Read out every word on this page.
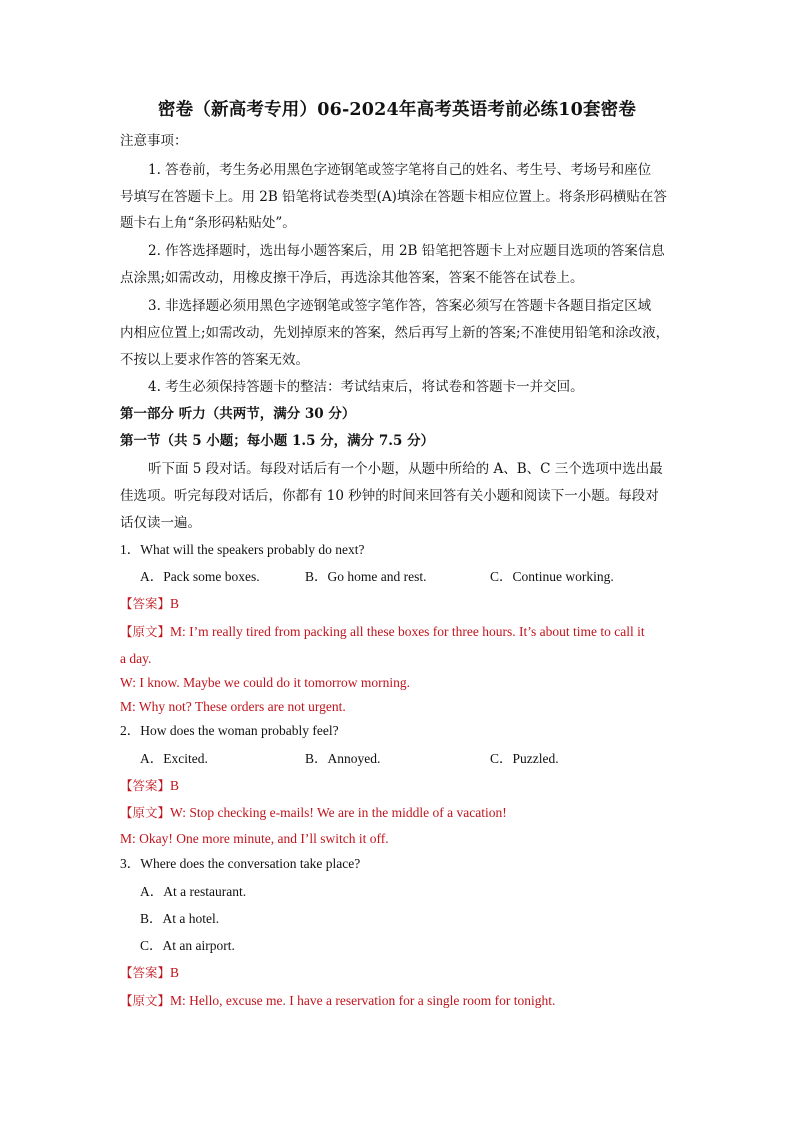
密卷（新高考专用）06-2024年高考英语考前必练10套密卷
注意事项：
1. 答卷前，考生务必用黑色字迹钢笔或签字笔将自己的姓名、考生号、考场号和座位
号填写在答题卡上。用 2B 铅笔将试卷类型(A)填涂在答题卡相应位置上。将条形码横贴在答
题卡右上角“条形码粘贴处”。
2. 作答选择题时，选出每小题答案后，用 2B 铅笔把答题卡上对应题目选项的答案信息
点涂黑;如需改动，用橡皮擦干净后，再选涂其他答案，答案不能答在试卷上。
3. 非选择题必须用黑色字迹钢笔或签字笔作答，答案必须写在答题卡各题目指定区域
内相应位置上;如需改动，先划掉原来的答案，然后再写上新的答案;不准使用铅笔和涂改液，
不按以上要求作答的答案无效。
4. 考生必须保持答题卡的整洁：考试结束后，将试卷和答题卡一并交回。
第一部分 听力（共两节，满分 30 分）
第一节（共 5 小题；每小题 1.5 分，满分 7.5 分）
听下面 5 段对话。每段对话后有一个小题，从题中所给的 A、B、C 三个选项中选出最
佳选项。听完每段对话后，你都有 10 秒钟的时间来回答有关小题和阅读下一小题。每段对
话仅读一遍。
1．What will the speakers probably do next?
A．Pack some boxes.	B．Go home and rest.	C．Continue working.
【答案】B
【原文】M: I’m really tired from packing all these boxes for three hours. It’s about time to call it
a day.
W: I know. Maybe we could do it tomorrow morning.
M: Why not? These orders are not urgent.
2．How does the woman probably feel?
A．Excited.	B．Annoyed.	C．Puzzled.
【答案】B
【原文】W: Stop checking e-mails! We are in the middle of a vacation!
M: Okay! One more minute, and I’ll switch it off.
3．Where does the conversation take place?
A．At a restaurant.
B．At a hotel.
C．At an airport.
【答案】B
【原文】M: Hello, excuse me. I have a reservation for a single room for tonight.
